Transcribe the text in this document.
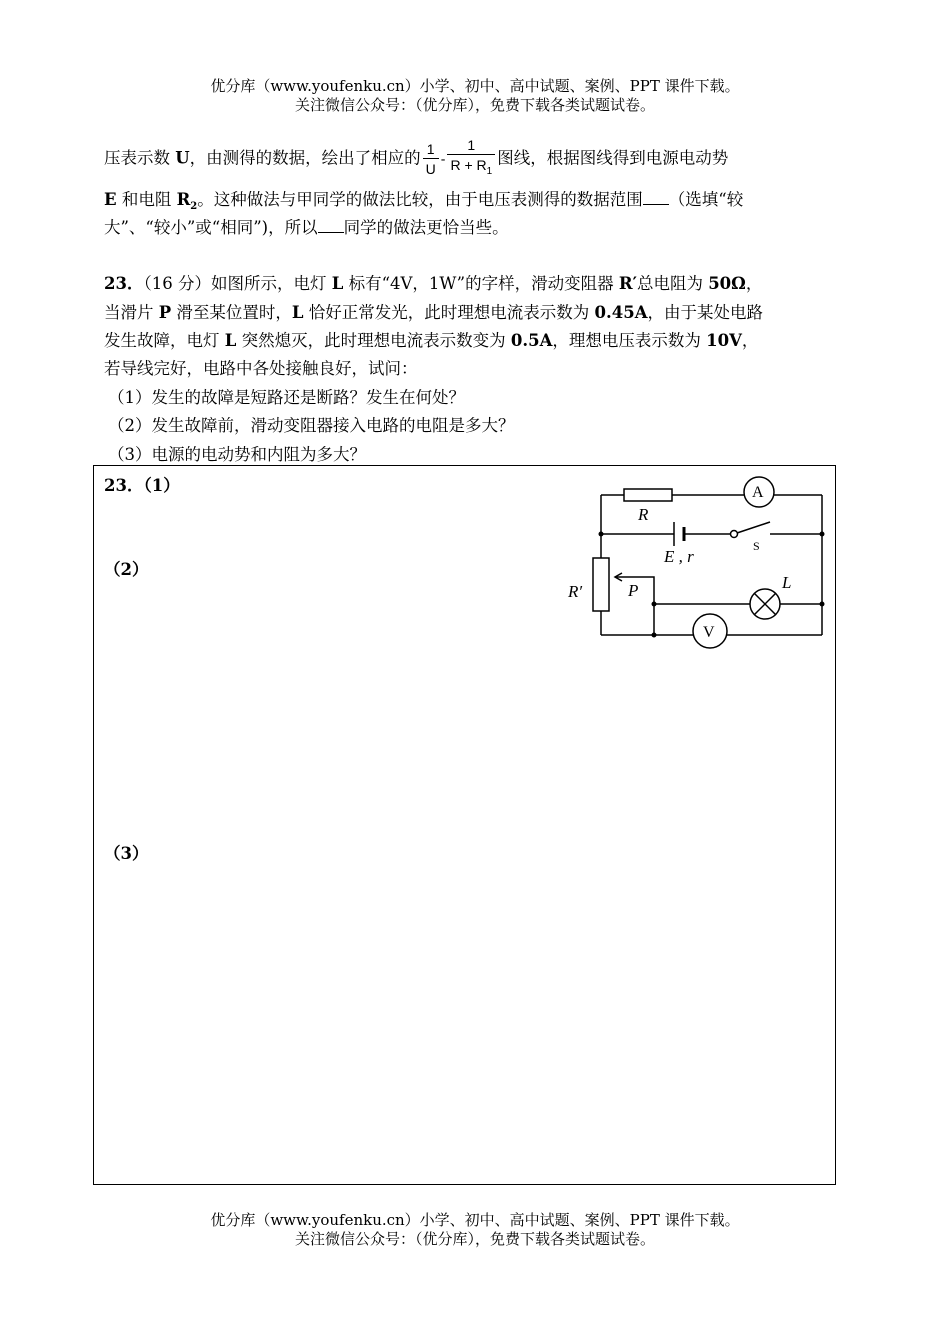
优分库（www.youfenku.cn）小学、初中、高中试题、案例、PPT 课件下载。
关注微信公众号：（优分库），免费下载各类试题试卷。
压表示数 U，由测得的数据，绘出了相应的 $\frac{1}{U} - \frac{1}{R + R_1}$ 图线，根据图线得到电源电动势
E 和电阻 $R_2$。这种做法与甲同学的做法比较，由于电压表测得的数据范围 （选填“较
大”、“较小”或“相同”)，所以 同学的做法更恰当些。
23．（16 分）如图所示，电灯 L 标有“4V，1W”的字样，滑动变阻器 R′总电阻为 50Ω，
当滑片 P 滑至某位置时，L 恰好正常发光，此时理想电流表示数为 0.45A，由于某处电路
发生故障，电灯 L 突然熄灭，此时理想电流表示数变为 0.5A，理想电压表示数为 10V，
若导线完好，电路中各处接触良好，试问：
（1）发生的故障是短路还是断路？发生在何处？
（2）发生故障前，滑动变阻器接入电路的电阻是多大？
（3）电源的电动势和内阻为多大？
23．（1）
（2）
（3）
A
V
R
E , r
S
R′	P	L
优分库（www.youfenku.cn）小学、初中、高中试题、案例、PPT 课件下载。
关注微信公众号：（优分库），免费下载各类试题试卷。
